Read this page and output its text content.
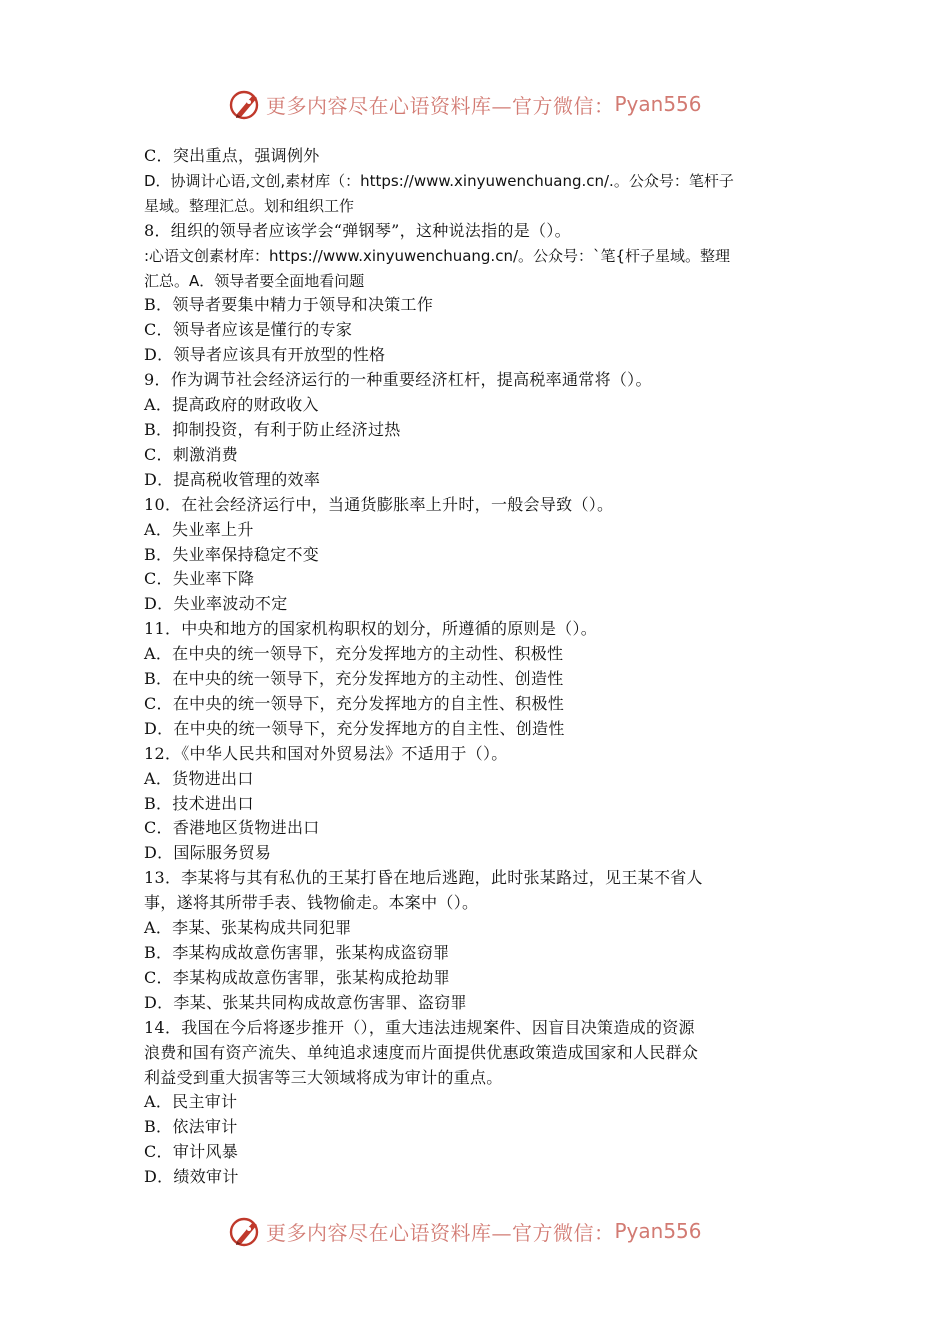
更多内容尽在心语资料库—官方微信： Pyan556
C．突出重点，强调例外
D．协调计心语,文创,素材库（：https://www.xinyuwenchuang.cn/.。公众号：笔杆子
星域。整理汇总。划和组织工作
8．组织的领导者应该学会“弹钢琴”，这种说法指的是（）。
:心语文创素材库：https://www.xinyuwenchuang.cn/。公众号：`笔{杆子星域。整理
汇总。A．领导者要全面地看问题
B．领导者要集中精力于领导和决策工作
C．领导者应该是懂行的专家
D．领导者应该具有开放型的性格
9．作为调节社会经济运行的一种重要经济杠杆，提高税率通常将（）。
A．提高政府的财政收入
B．抑制投资，有利于防止经济过热
C．刺激消费
D．提高税收管理的效率
10．在社会经济运行中，当通货膨胀率上升时，一般会导致（）。
A．失业率上升
B．失业率保持稳定不变
C．失业率下降
D．失业率波动不定
11．中央和地方的国家机构职权的划分，所遵循的原则是（）。
A．在中央的统一领导下，充分发挥地方的主动性、积极性
B．在中央的统一领导下，充分发挥地方的主动性、创造性
C．在中央的统一领导下，充分发挥地方的自主性、积极性
D．在中央的统一领导下，充分发挥地方的自主性、创造性
12．《中华人民共和国对外贸易法》不适用于（）。
A．货物进出口
B．技术进出口
C．香港地区货物进出口
D．国际服务贸易
13．李某将与其有私仇的王某打昏在地后逃跑，此时张某路过，见王某不省人
事，遂将其所带手表、钱物偷走。本案中（）。
A．李某、张某构成共同犯罪
B．李某构成故意伤害罪，张某构成盗窃罪
C．李某构成故意伤害罪，张某构成抢劫罪
D．李某、张某共同构成故意伤害罪、盗窃罪
14．我国在今后将逐步推开（），重大违法违规案件、因盲目决策造成的资源
浪费和国有资产流失、单纯追求速度而片面提供优惠政策造成国家和人民群众
利益受到重大损害等三大领域将成为审计的重点。
A．民主审计
B．依法审计
C．审计风暴
D．绩效审计
更多内容尽在心语资料库—官方微信： Pyan556
